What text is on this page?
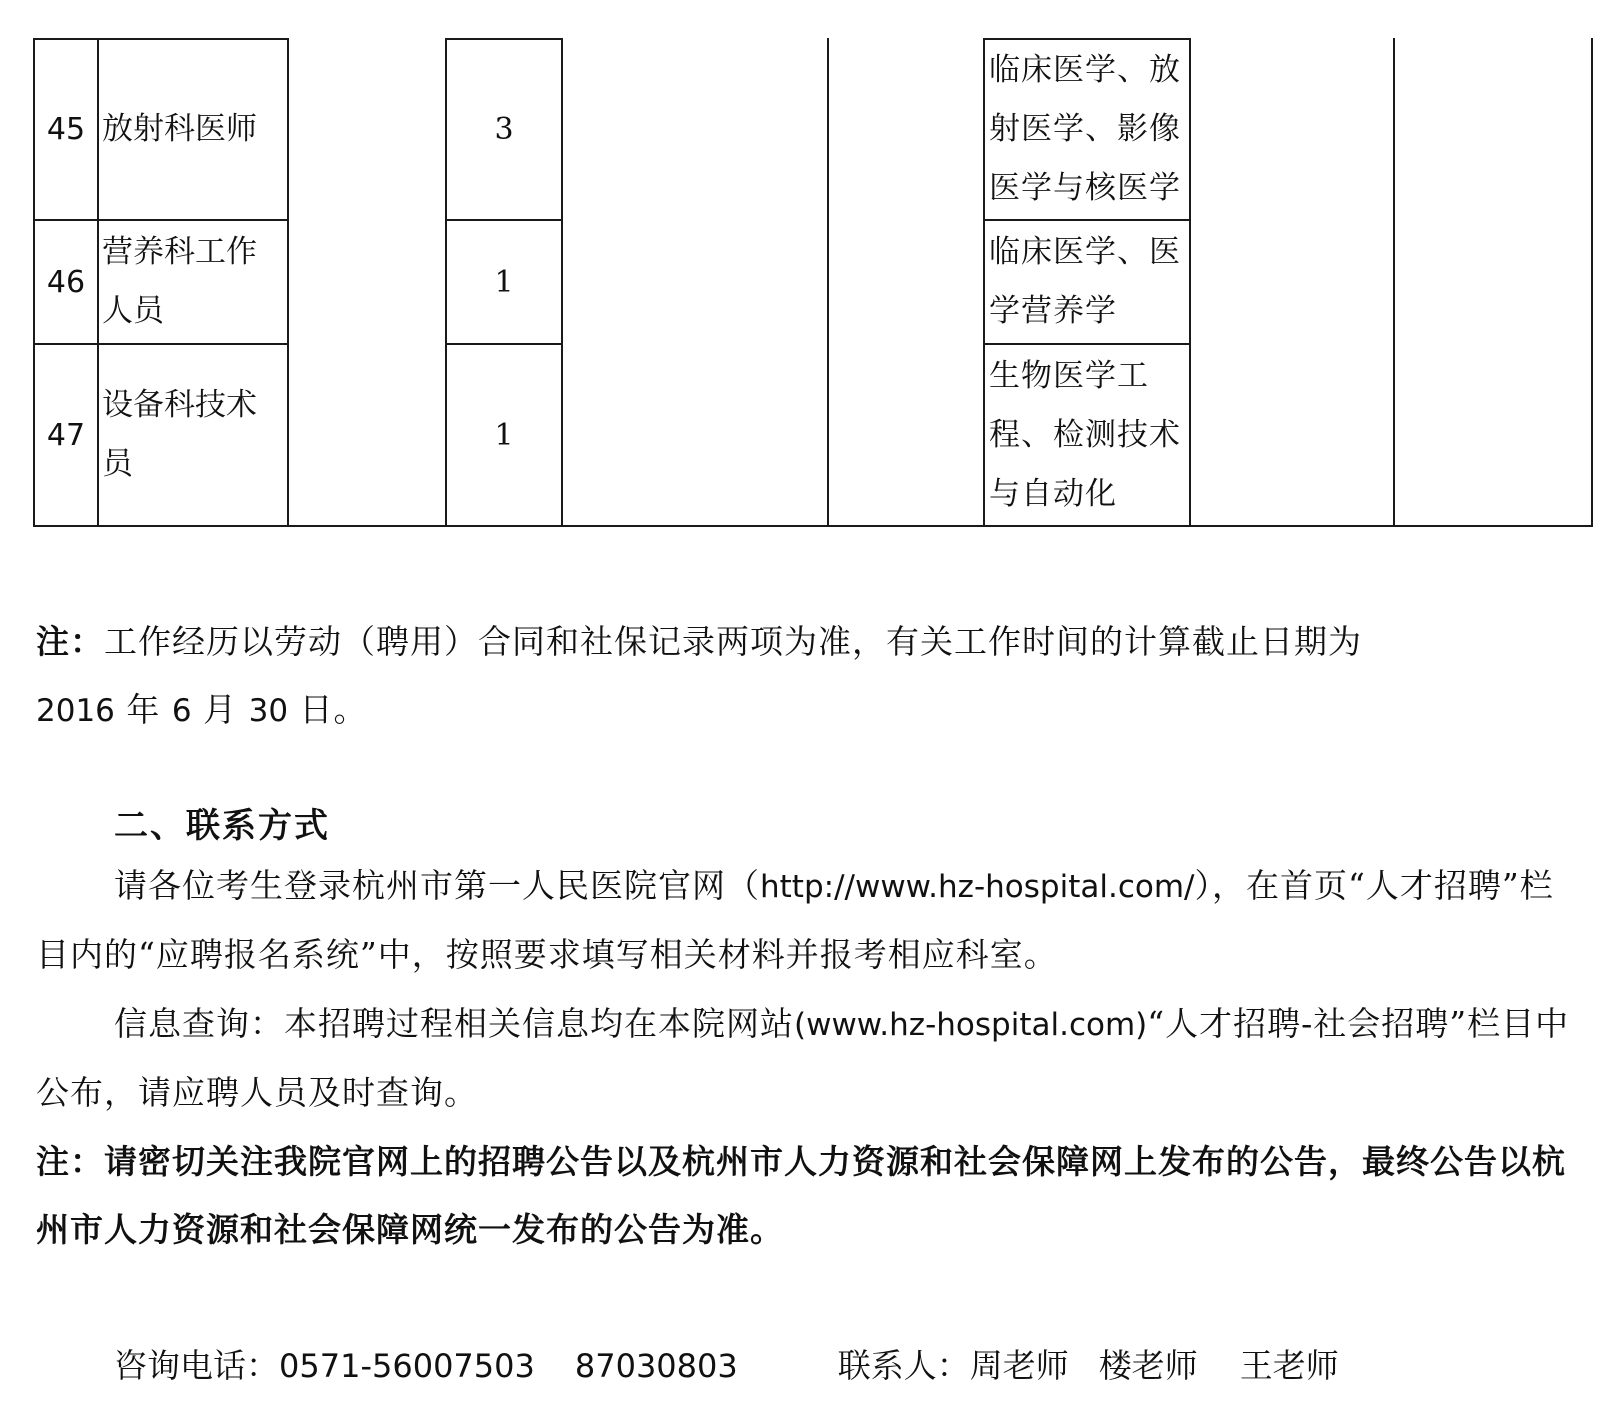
45 放射科医师	3
临床医学、放
射医学、影像
医学与核医学
46
营养科工作
人员
1
临床医学、医
学营养学
47
设备科技术
员
1
生物医学工
程、检测技术
与自动化
注：工作经历以劳动（聘用）合同和社保记录两项为准，有关工作时间的计算截止日期为
2016 年 6 月 30 日。
二、联系方式
请各位考生登录杭州市第一人民医院官网（http://www.hz-hospital.com/），在首页“人才招聘”栏目内的“应聘报名系统”中，按照要求填写相关材料并报考相应科室。
信息查询：本招聘过程相关信息均在本院网站(www.hz-hospital.com)“人才招聘-社会招聘”栏目中公布，请应聘人员及时查询。
注：请密切关注我院官网上的招聘公告以及杭州市人力资源和社会保障网上发布的公告，最终公告以杭州市人力资源和社会保障网统一发布的公告为准。
咨询电话：0571-56007503 87030803	联系人：周老师 楼老师 王老师
